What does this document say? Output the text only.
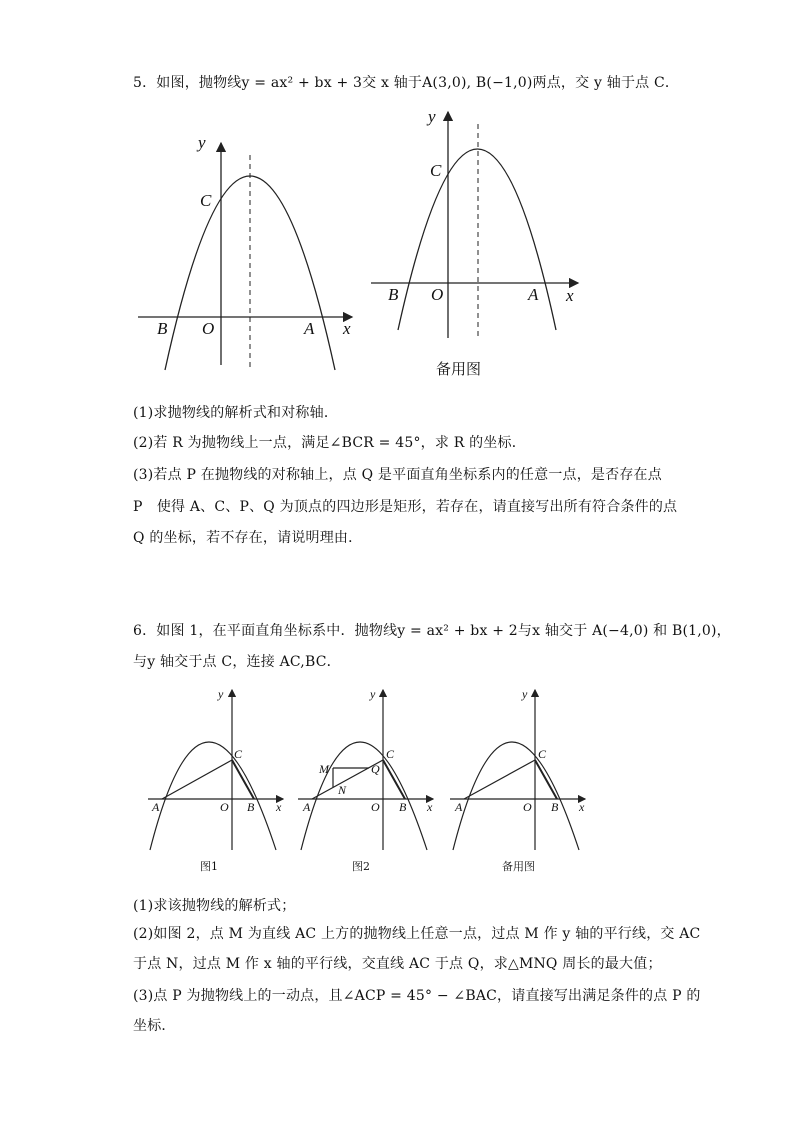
5．如图，抛物线y = ax² + bx + 3交 x 轴于A(3,0), B(−1,0)两点，交 y 轴于点 C．
y
C
B O	A x
y
C
B O	A x
备用图
(1)求抛物线的解析式和对称轴．
(2)若 R 为抛物线上一点，满足∠BCR = 45°，求 R 的坐标．
(3)若点 P 在抛物线的对称轴上，点 Q 是平面直角坐标系内的任意一点，是否存在点
P　使得 A、C、P、Q 为顶点的四边形是矩形，若存在，请直接写出所有符合条件的点
Q 的坐标，若不存在，请说明理由．
6．如图 1，在平面直角坐标系中．抛物线y = ax² + bx + 2与x 轴交于 A(−4,0) 和 B(1,0)，
与y 轴交于点 C，连接 AC,BC．
y
C
A	O B x
图1
y
C
M	Q
N
A	O B x
图2
y
C
A	O B x
备用图
(1)求该抛物线的解析式；
(2)如图 2，点 M 为直线 AC 上方的抛物线上任意一点，过点 M 作 y 轴的平行线，交 AC
于点 N，过点 M 作 x 轴的平行线，交直线 AC 于点 Q，求△MNQ 周长的最大值；
(3)点 P 为抛物线上的一动点，且∠ACP = 45° − ∠BAC，请直接写出满足条件的点 P 的
坐标．
